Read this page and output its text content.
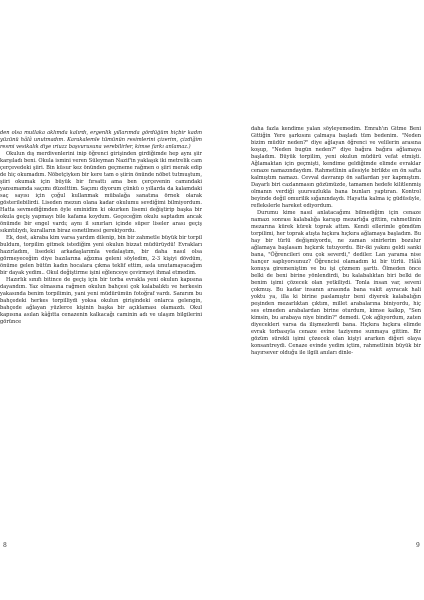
den olsa mutlaka aklımda kalırdı, ergenlik yıllarımda gördüğüm hiçbir kadın yüzünü hâlâ unutmadım. Karakalemle tümünün resimlerini çizerim, çizdiğim resmi vesikalık diye ıriuzz başvurusuna verebilirler, kimse farkı anlamaz.)

Okulun dış merdivenlerini inip öğrenci girişinden girdiğimde hep aynı şiir karşıladı beni. Okula ismini veren Süleyman Nazif'in yaklaşık iki metrelik cam çerçevedeki şiiri. Bin küsur kez önünden geçmeme rağmen o şiiri merak edip de hiç okumadım. Nöbetçiyken bir kere tam o şiirin önünde nöbet tutmuştum, şiiri okumak için büyük bir fırsattı ama ben çerçevenin camındaki yansımamda saçımı düzelttim. Saçımı diyorum çünkü o yıllarda da kalamdaki saç sayısı için çoğul kullanmak mübalağa sanatına örnek olarak gösterilebilirdi. Liseden mezun olana kadar okulumu sevdiğimi bilmiyordum. Hatta sevmediğimden öyle eminidim ki okurken lisemi değiştirip başka bir okula geçiş yapmayı bile kafama koydum. Geçeceğim okulu saptadım ancak önümde bir engel vardı; aynı il sınırları içinde süper liseler arası geçiş sıkıntılıydı, kuralların biraz esnetilmesi gerekiyordu.

Ek, dost, akraba kim varsa yardım dilenip, bin bir zahmetle büyük bir torpil buldum, torpilim gitmek istediğim yeni okulun bizzat müdürüydü! Evrakları hazırladım, lisedeki arkadaşlarımla vedalaştım, bir daha nasıl olsa görmeyeceğim diye bazılarına ağzıma geleni söyledim, 2-3 kişiyi dövdüm, önüme gelen bütün kadın hocalara çıkma teklif ettim, asla unutamayacağım bir dayak yedim.. Okul değiştirme işini eğlenceye çevirmeyi ihmal etmedim.

Hazırlık sınıfı bitince de geçiş için bir torba evrakla yeni okulun kapısına dayandım. Yaz olmasına rağmen okulun bahçesi çok kalabalıktı ve herkesin yakasında benim torpilimin, yani yeni müdürümün fotoğraf vardı. Sanırım bu bahçedeki herkes torpilliydi yoksa okulun girişindeki onlarca gelengin, bahçede ağlayan yüzlerce kişinin başka bir açıklaması olamazdı. Okul kapısına asılan kâğıtta cenazenin kalkacağı caminin adı ve ulaşım bilgilerini görünce

daha fazla kendime yalan söyleyemedim. Emrah'ın Gitme Beni Gittiğin Yere şarkısını çalmaya başladı tüm bedenim. "Neden bizim müdür neden?" diye ağlayan öğrenci ve velilerin arasına koşup, "Neden bugün neden?" diye bağıra bağıra ağlamaya başladım. Büyük torpilim, yeni okulun müdürü vefat etmişti. Ağlamaktan için geçmişti, kendime geldiğimde elimde evraklar cenaze namazındaydım. Rahmetlinin ailesiyle birlikte en ön safta kalmıştım namazı. Cevval davranıp ön saflardan yer kapmıştım. Dayarlı biri cazlanmasın gözümüzde, tamamen hedefe kilitlenmiş olmanın verdiği şuursuzlukla bana bunları yaptıran. Kontrol beyinde değil omurilik sığanındaydı. Hayatta kalma iç güdüsüyle, reflekslerle hareket ediyordum.

Durumu kime nasıl anlatacağımı bilmediğim için cenaze namazı sonrası kalabalığa karışıp mezarlığa gittim, rahmetlinin mezarına kürek kürek toprak attım. Kendi ellerimle gömdüm torpilimi, her toprak atışta hıçkıra hıçkıra ağlamaya başladım. Bu hay bir türlü değişmiyordu, ne zaman sinirlerim bozulur ağlamaya başlasam hıçkırık tutuyordu. Bir-iki yakını geldi sanki bana, "Öğrencileri onu çok severdi," dediler. Lan yarama nise hançer saplıyorsunuz? Öğrencisi olamadım ki bir türlü. Hâlâ konuya giremeniştim ve bu işi çözmem şarttı. Ölmeden önce belki de beni birine yönlendirdi, bu kalabalıktan biri belki de benim işimi çözecek olan yetkiliydi. Tonla insan var, seveni çokmuş. Bu kadar insanın arasında bana vakit ayıracak hali yoktu ya, illa ki birine paslamıştır beni diyerek kalabalığın peşinden mezarlıktan çıktım, millet arabalarına biniyordu, hiç ses etmeden arabalardan birine oturdum, kimse kalkıp, "Sen kimsin, bu arabaya niye bindin?" demedi. Çok ağlıyordum, zaten diyecekleri varsa da ilişmezlerdi bana. Hıçkıra hıçkıra elimde evrak torbasıyla cenaze evine taziyeme sunmaya gittim. Bir gözüm sürekli işimi çözecek olan kişiyi ararken diğeri olaya konsantreydi. Cenaze evinde yedim içtim, rahmetlinin büyük bir hayırsever olduğu ile ilgili anıları dinle-

8	9
